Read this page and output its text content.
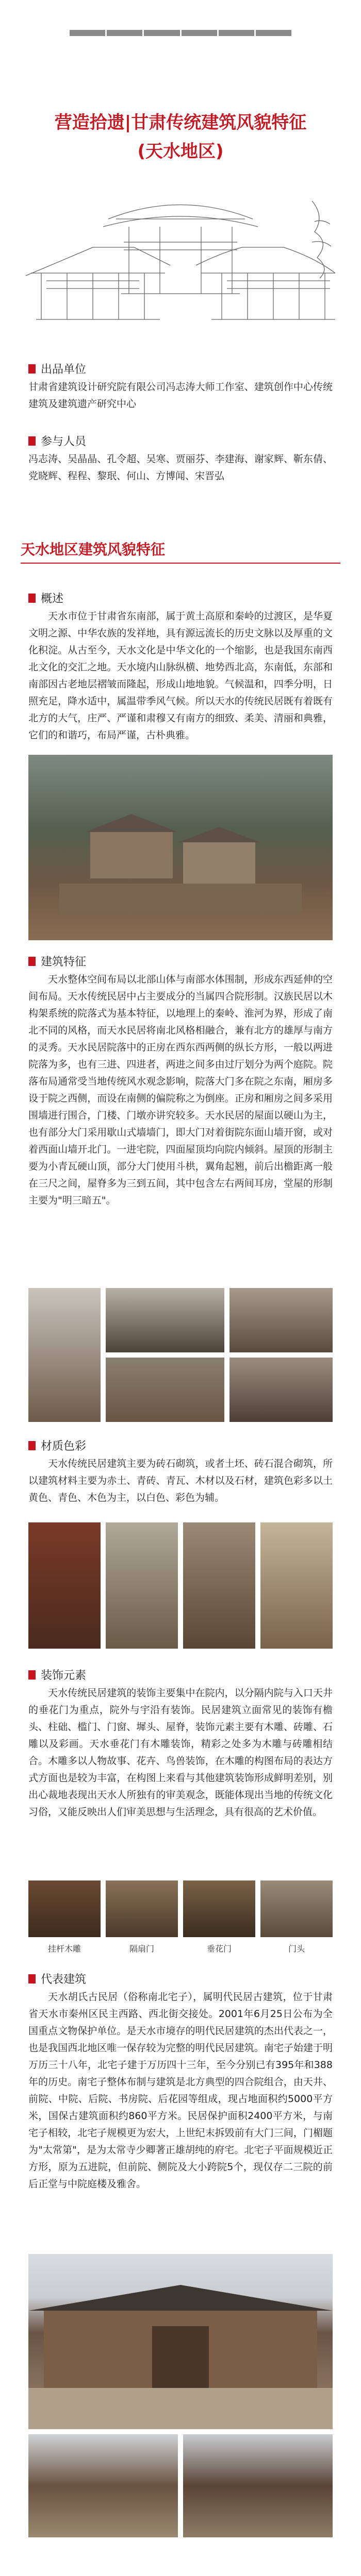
营造拾遗|甘肃传统建筑风貌特征
(天水地区)
出品单位
甘肃省建筑设计研究院有限公司冯志涛大师工作室、建筑创作中心传统建筑及建筑遗产研究中心
参与人员
冯志涛、吴晶晶、孔令超、吴寒、贾丽芬、李建海、谢家辉、靳东倩、党晓辉、程程、黎珉、何山、方博闻、宋晋弘
天水地区建筑风貌特征
概述
天水市位于甘肃省东南部，属于黄土高原和秦岭的过渡区，是华夏文明之源、中华农族的发祥地，具有源远流长的历史文脉以及厚重的文化积淀。从古至今，天水文化是中华文化的一个缩影，也是我国东南西北文化的交汇之地。天水境内山脉纵横、地势西北高，东南低，东部和南部因古老地层褶皱而隆起，形成山地地貌。气候温和，四季分明，日照充足，降水适中，属温带季风气候。所以天水的传统民居既有着既有北方的大气，庄严、严谨和肃穆又有南方的细致、柔美、清丽和典雅，它们的和谐巧，布局严谨，古朴典雅。
建筑特征
天水整体空间布局以北部山体与南部水体围制，形成东西延伸的空间布局。天水传统民居中占主要成分的当属四合院形制。汉族民居以木构架系统的院落式为基本特征，以地理上的秦岭、淮河为界，形成了南北不同的风格，而天水民居将南北风格相融合，兼有北方的雄厚与南方的灵秀。天水民居院落中的正房在西东西两侧的纵长方形，一般以两进院落为多，也有三进、四进者，两进之间多由过厅划分为两个庭院。院落布局通常受当地传统风水观念影响，院落大门多在院之东南，厢房多设于院之西侧，而设在南侧的偏院称之为倒座。正房和厢房之间多采用围墙进行围合，门楼、门墩亦讲究较多。天水民居的屋面以硬山为主，也有部分大门采用歇山式墙墙门，即大门对着街院东面山墙开窗，或对着西面山墙开北门。一进宅院，四面屋顶均向院内倾斜。屋顶的形制主要为小青瓦硬山顶，部分大门使用斗栱，翼角起翘，前后出檐距离一般在三尺之间，屋脊多为三到五间，其中包含左右两间耳房，堂屋的形制主要为"明三暗五"。
材质色彩
天水传统民居建筑主要为砖石砌筑，或者土坯、砖石混合砌筑，所以建筑材料主要为赤土、青砖、青瓦、木材以及石材，建筑色彩多以土黄色、青色、木色为主，以白色、彩色为辅。
装饰元素
天水传统民居建筑的装饰主要集中在院内，以分隔内院与入口天井的垂花门为重点，院外与宇沿有装饰。民居建筑立面常见的装饰有檐头、柱础、槛门、门窗、墀头、屋脊，装饰元素主要有木雕、砖雕、石雕以及彩画。天水垂花门有木雕装饰，精彩之处多为木雕与砖雕相结合。木雕多以人物故事、花卉、鸟兽装饰，在木雕的构图布局的表达方式方面也是较为丰富，在构图上来看与其他建筑装饰形成鲜明差别，别出心裁地表现出天水人所独有的审美观念，既能体现出当地的传统文化习俗，又能反映出人们审美思想与生活理念，具有很高的艺术价值。
挂杆木雕	隔扇门	垂花门	门头
代表建筑
天水胡氏古民居（俗称南北宅子），属明代民居古建筑，位于甘肃省天水市秦州区民主西路、西北街交接处。2001年6月25日公布为全国重点文物保护单位。是天水市境存的明代民居建筑的杰出代表之一，也是我国西北地区唯一保存较为完整的明代民居建筑。南宅子始建于明万历三十八年，北宅子建于万历四十三年，至今分别已有395年和388年的历史。南宅子整体布制与建筑是北方典型的四合院组合，由天井、前院、中院、后院、书房院、后花园等组成，现占地面积约5000平方米，国保古建筑面积约860平方米。民居保护面积2400平方米，与南宅子相较，北宅子规模更为宏大，上世纪末拆毁前有大门三间，门楣题为"太常第"，是为太常寺少卿著正雄胡纯的府宅。北宅子平面规模近正方形，原为五进院，但前院、侧院及大小跨院5个，现仅存二三院的前后正堂与中院庭楼及雅舍。
